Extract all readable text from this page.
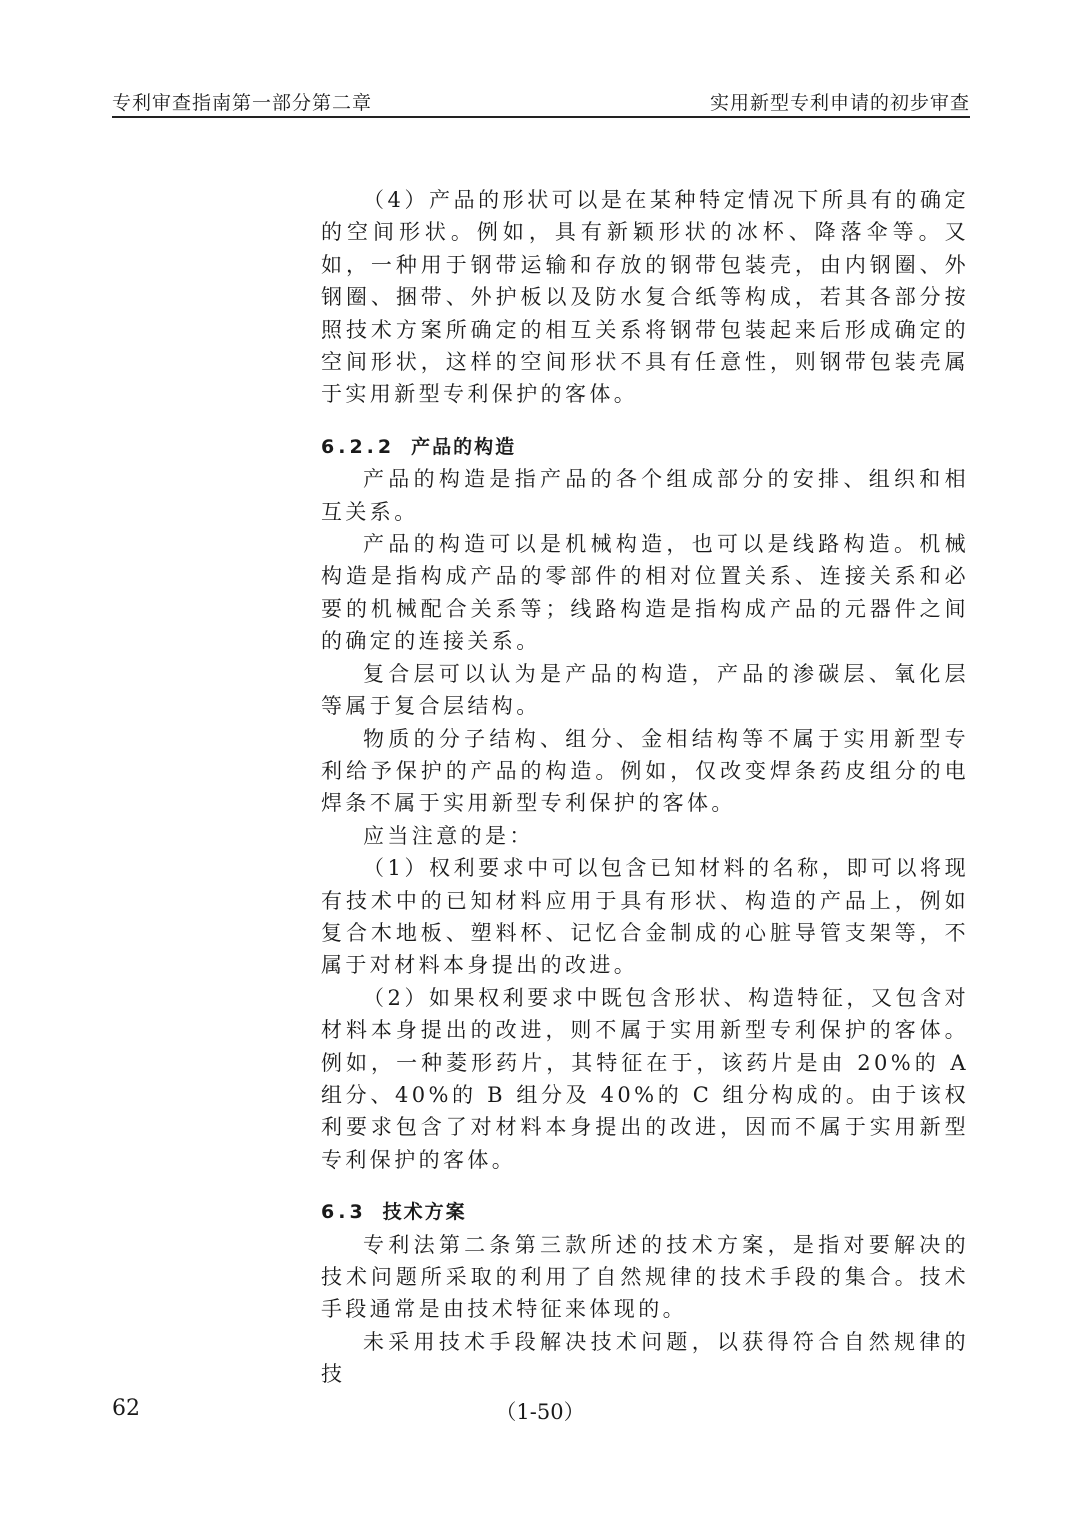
专利审查指南第一部分第二章	实用新型专利申请的初步审查

（4）产品的形状可以是在某种特定情况下所具有的确定的空间形状。例如，具有新颖形状的冰杯、降落伞等。又如，一种用于钢带运输和存放的钢带包装壳，由内钢圈、外钢圈、捆带、外护板以及防水复合纸等构成，若其各部分按照技术方案所确定的相互关系将钢带包装起来后形成确定的空间形状，这样的空间形状不具有任意性，则钢带包装壳属于实用新型专利保护的客体。

6.2.2 产品的构造

产品的构造是指产品的各个组成部分的安排、组织和相互关系。

产品的构造可以是机械构造，也可以是线路构造。机械构造是指构成产品的零部件的相对位置关系、连接关系和必要的机械配合关系等；线路构造是指构成产品的元器件之间的确定的连接关系。

复合层可以认为是产品的构造，产品的渗碳层、氧化层等属于复合层结构。

物质的分子结构、组分、金相结构等不属于实用新型专利给予保护的产品的构造。例如，仅改变焊条药皮组分的电焊条不属于实用新型专利保护的客体。

应当注意的是：

（1）权利要求中可以包含已知材料的名称，即可以将现有技术中的已知材料应用于具有形状、构造的产品上，例如复合木地板、塑料杯、记忆合金制成的心脏导管支架等，不属于对材料本身提出的改进。

（2）如果权利要求中既包含形状、构造特征，又包含对材料本身提出的改进，则不属于实用新型专利保护的客体。例如，一种菱形药片，其特征在于，该药片是由 20%的 A 组分、40%的 B 组分及 40%的 C 组分构成的。由于该权利要求包含了对材料本身提出的改进，因而不属于实用新型专利保护的客体。

6.3 技术方案

专利法第二条第三款所述的技术方案，是指对要解决的技术问题所采取的利用了自然规律的技术手段的集合。技术手段通常是由技术特征来体现的。

未采用技术手段解决技术问题，以获得符合自然规律的技

62	（1-50）
